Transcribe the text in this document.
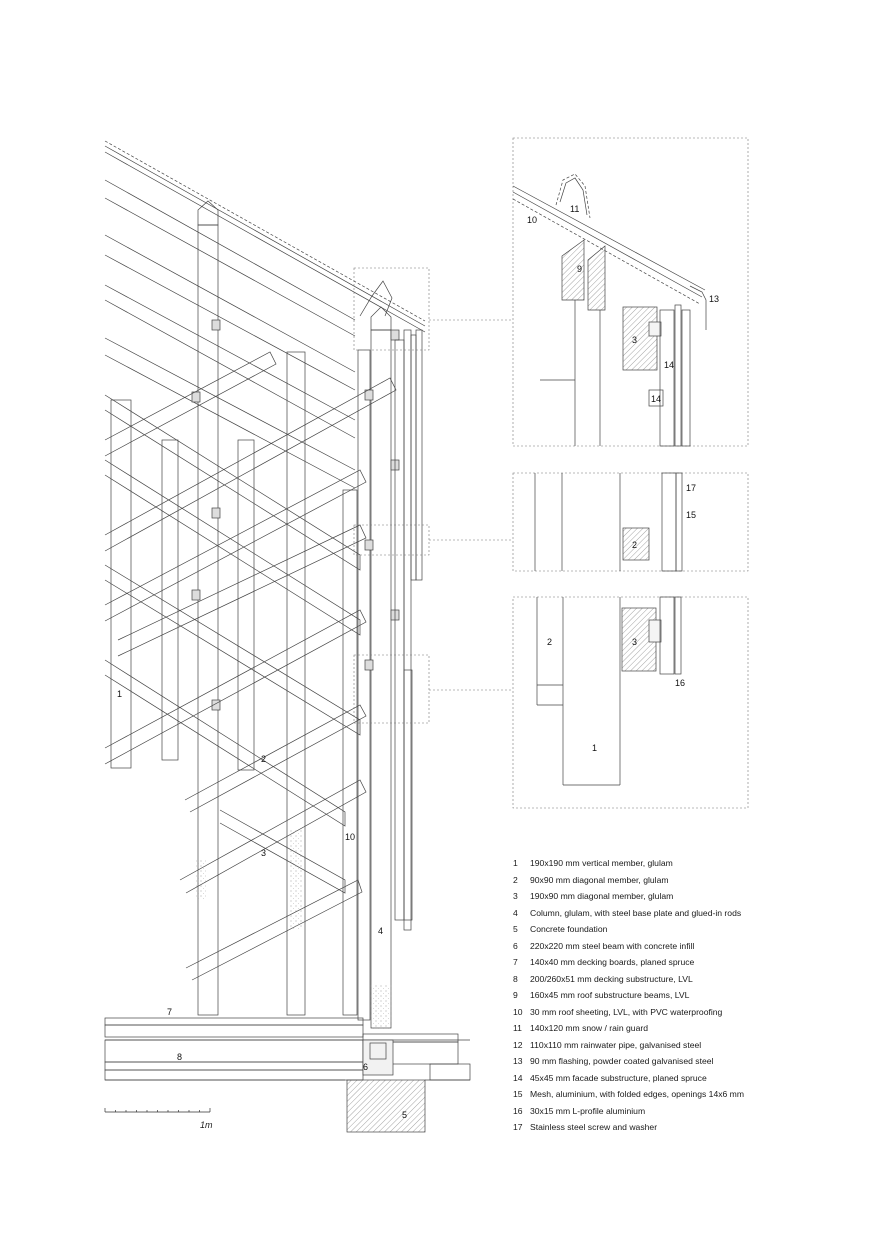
1
2
3
4
5
6
7
8
10
10
11
9
13
3
14
14
17
15
2
2	3
16
1
1m
1	190x190 mm vertical member, glulam
2	90x90 mm diagonal member, glulam
3	190x90 mm diagonal member, glulam
4	Column, glulam, with steel base plate and glued-in rods
5	Concrete foundation
6	220x220 mm steel beam with concrete infill
7	140x40 mm decking boards, planed spruce
8	200/260x51 mm decking substructure, LVL
9	160x45 mm roof substructure beams, LVL
10 30 mm roof sheeting, LVL, with PVC waterproofing
11 140x120 mm snow / rain guard
12 110x110 mm rainwater pipe, galvanised steel
13 90 mm flashing, powder coated galvanised steel
14 45x45 mm facade substructure, planed spruce
15 Mesh, aluminium, with folded edges, openings 14x6 mm
16 30x15 mm L-profile aluminium
17 Stainless steel screw and washer
